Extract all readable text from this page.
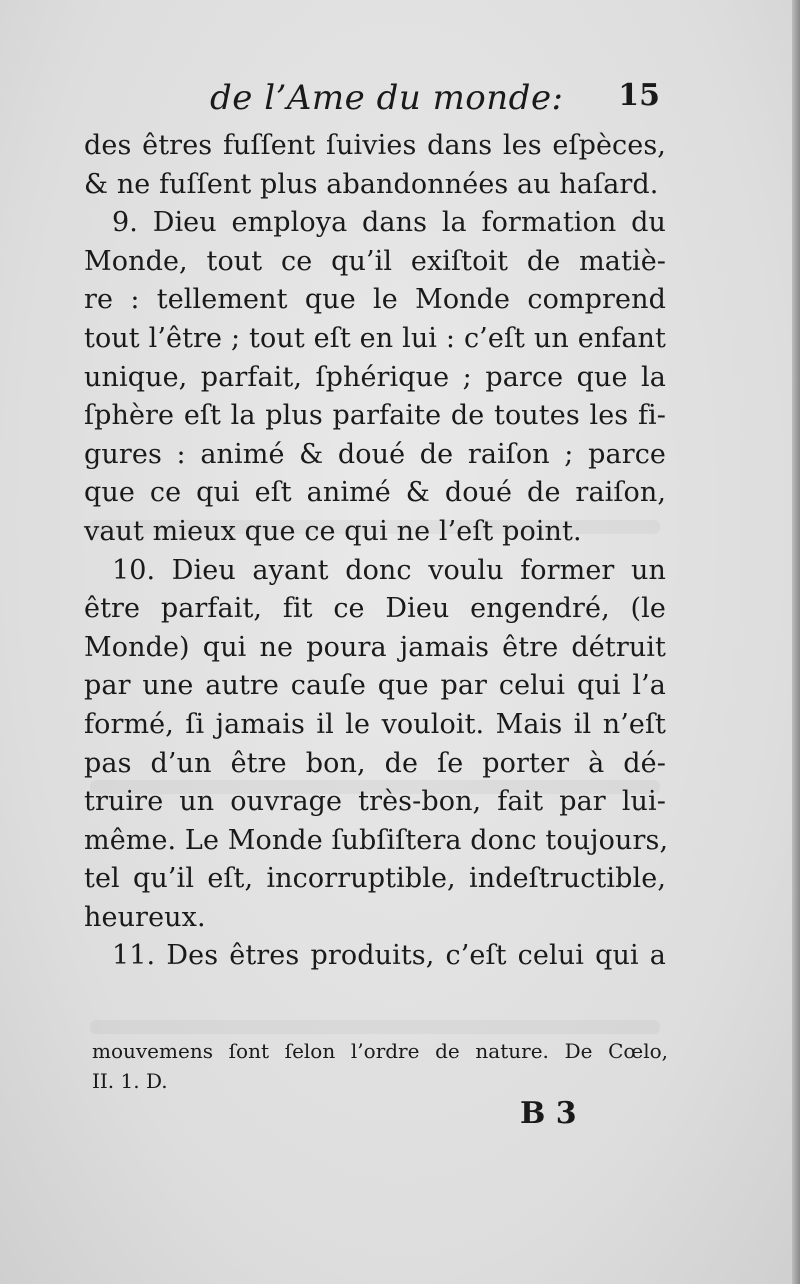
de l’Ame du monde: 15
des êtres fuſſent ſuivies dans les eſpèces,
& ne fuſſent plus abandonnées au haſard.
9. Dieu employa dans la formation du
Monde, tout ce qu’il exiſtoit de matiè-
re : tellement que le Monde comprend
tout l’être ; tout eſt en lui : c’eſt un enfant
unique, parfait, ſphérique ; parce que la
ſphère eſt la plus parfaite de toutes les fi-
gures : animé & doué de raiſon ; parce
que ce qui eſt animé & doué de raiſon,
vaut mieux que ce qui ne l’eſt point.
10. Dieu ayant donc voulu former un
être parfait, fit ce Dieu engendré, (le
Monde) qui ne poura jamais être détruit
par une autre cauſe que par celui qui l’a
formé, ſi jamais il le vouloit. Mais il n’eſt
pas d’un être bon, de ſe porter à dé-
truire un ouvrage très-bon, fait par lui-
même. Le Monde ſubſiſtera donc toujours,
tel qu’il eſt, incorruptible, indeſtructible,
heureux.
11. Des êtres produits, c’eſt celui qui a
mouvemens ſont ſelon l’ordre de nature. De Cœlo,
II. 1. D.
B 3
